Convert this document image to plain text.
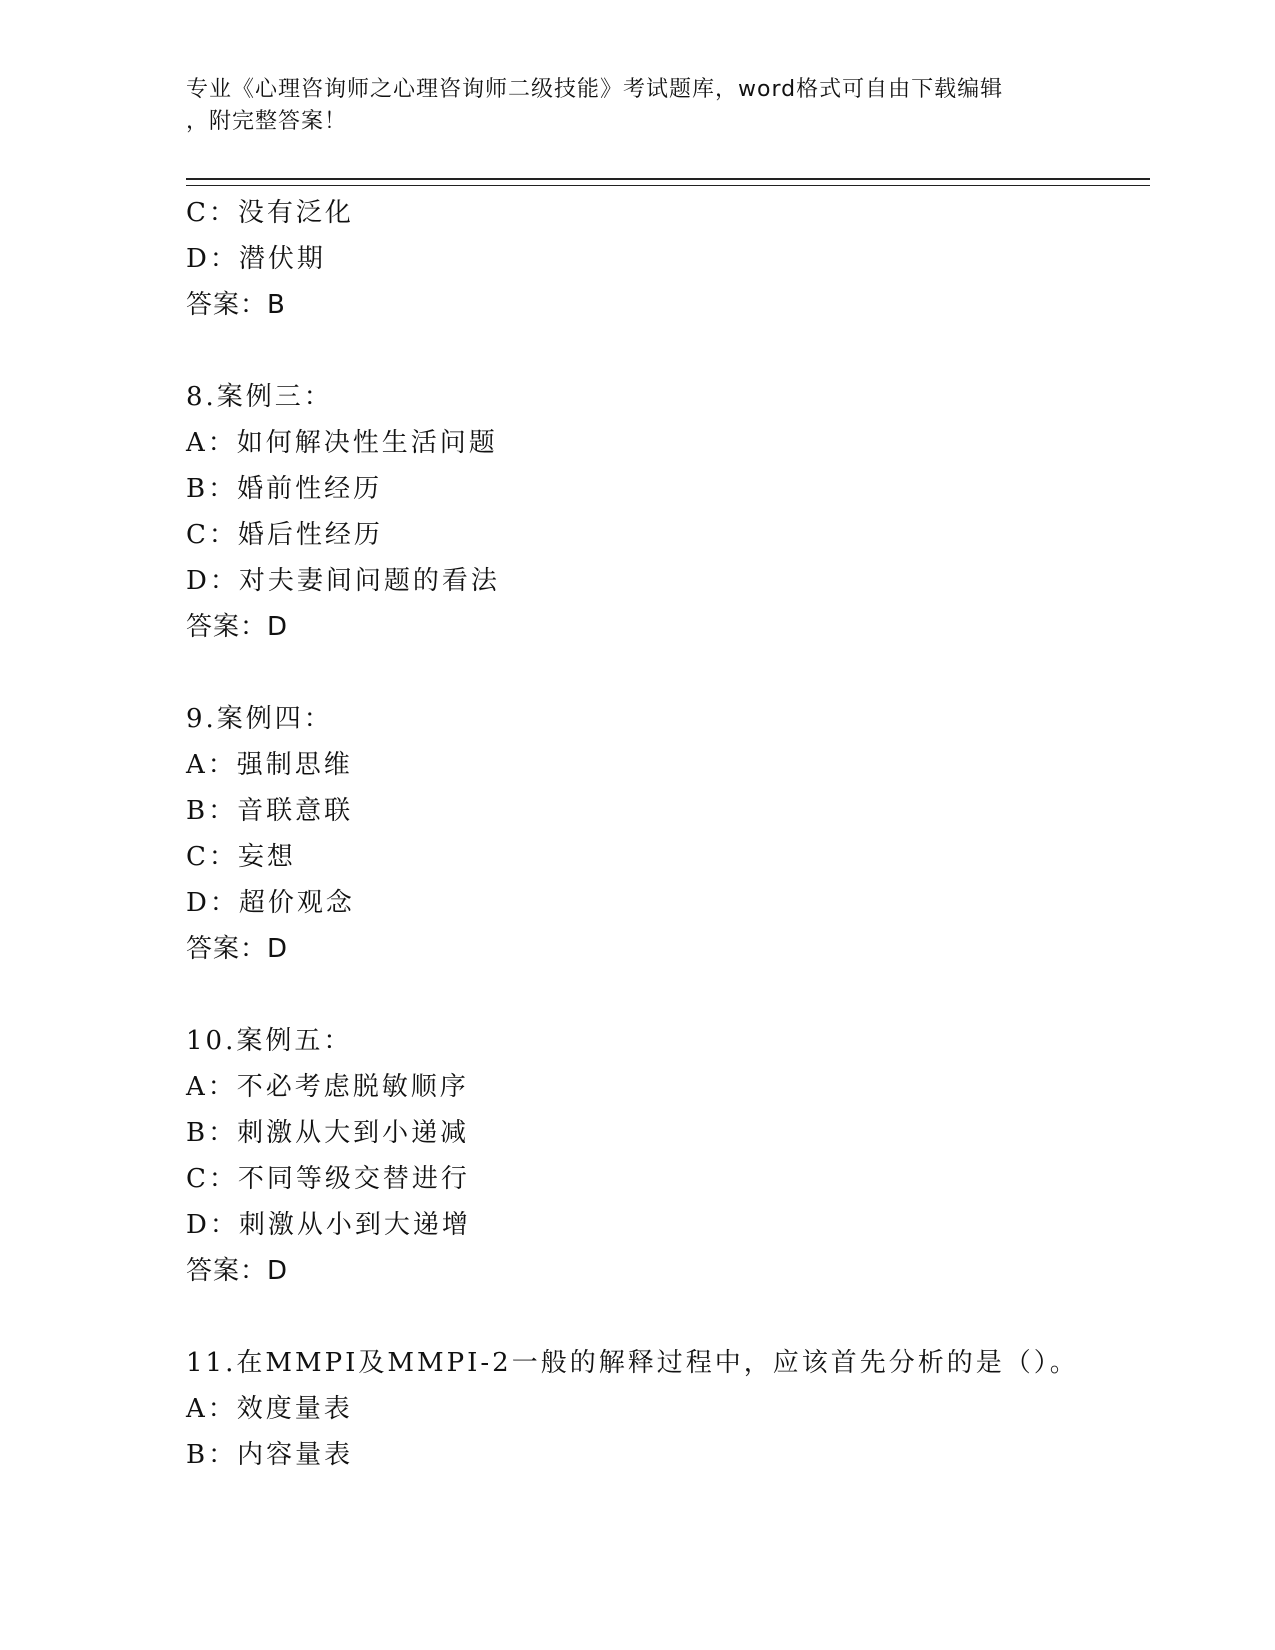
专业《心理咨询师之心理咨询师二级技能》考试题库，word格式可自由下载编辑
，附完整答案！
C：没有泛化
D：潜伏期
答案：B
8.案例三：
A：如何解决性生活问题
B：婚前性经历
C：婚后性经历
D：对夫妻间问题的看法
答案：D
9.案例四：
A：强制思维
B：音联意联
C：妄想
D：超价观念
答案：D
10.案例五：
A：不必考虑脱敏顺序
B：刺激从大到小递减
C：不同等级交替进行
D：刺激从小到大递增
答案：D
11.在MMPI及MMPI-2一般的解释过程中，应该首先分析的是（）。
A：效度量表
B：内容量表
